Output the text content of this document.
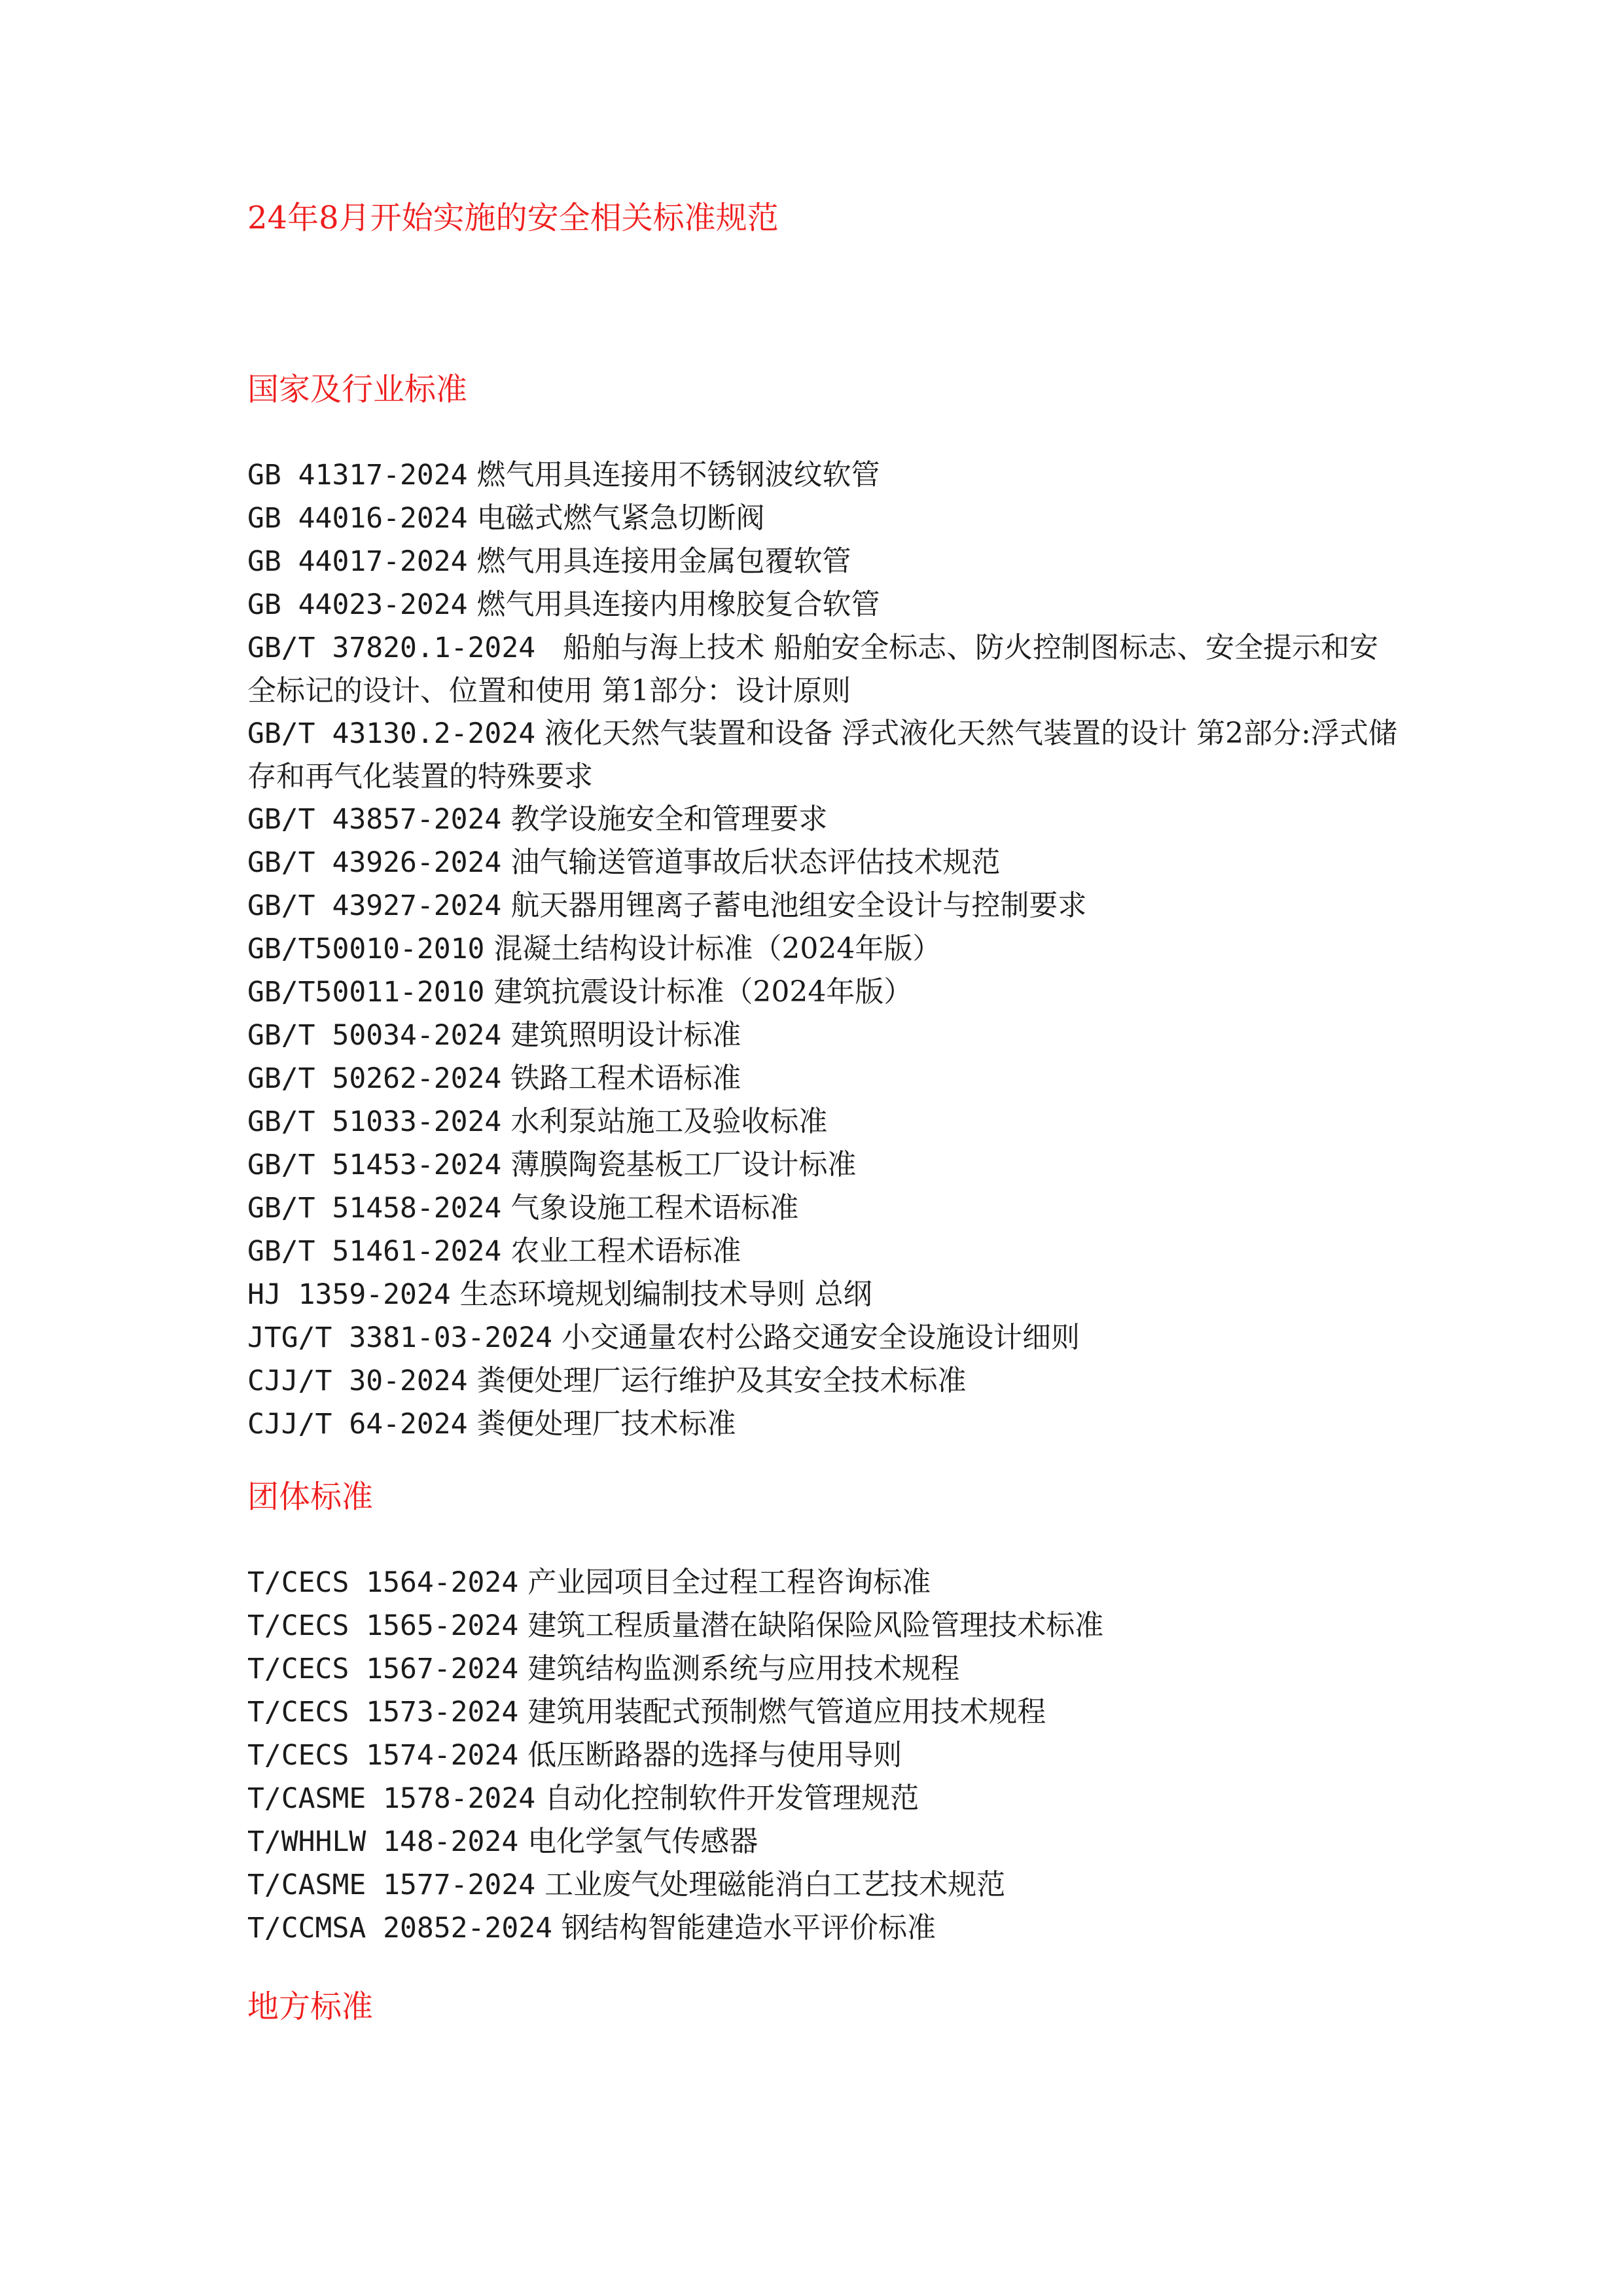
24年8月开始实施的安全相关标准规范
国家及行业标准
GB 41317-2024 燃气用具连接用不锈钢波纹软管
GB 44016-2024 电磁式燃气紧急切断阀
GB 44017-2024 燃气用具连接用金属包覆软管
GB 44023-2024 燃气用具连接内用橡胶复合软管
GB/T 37820.1-2024 船舶与海上技术 船舶安全标志、防火控制图标志、安全提示和安全标记的设计、位置和使用 第1部分：设计原则
GB/T 43130.2-2024 液化天然气装置和设备 浮式液化天然气装置的设计 第2部分:浮式储存和再气化装置的特殊要求
GB/T 43857-2024 教学设施安全和管理要求
GB/T 43926-2024 油气输送管道事故后状态评估技术规范
GB/T 43927-2024 航天器用锂离子蓄电池组安全设计与控制要求
GB/T50010-2010 混凝土结构设计标准（2024年版）
GB/T50011-2010 建筑抗震设计标准（2024年版）
GB/T 50034-2024 建筑照明设计标准
GB/T 50262-2024 铁路工程术语标准
GB/T 51033-2024 水利泵站施工及验收标准
GB/T 51453-2024 薄膜陶瓷基板工厂设计标准
GB/T 51458-2024 气象设施工程术语标准
GB/T 51461-2024 农业工程术语标准
HJ 1359-2024 生态环境规划编制技术导则 总纲
JTG/T 3381-03-2024 小交通量农村公路交通安全设施设计细则
CJJ/T 30-2024 粪便处理厂运行维护及其安全技术标准
CJJ/T 64-2024 粪便处理厂技术标准
团体标准
T/CECS 1564-2024 产业园项目全过程工程咨询标准
T/CECS 1565-2024 建筑工程质量潜在缺陷保险风险管理技术标准
T/CECS 1567-2024 建筑结构监测系统与应用技术规程
T/CECS 1573-2024 建筑用装配式预制燃气管道应用技术规程
T/CECS 1574-2024 低压断路器的选择与使用导则
T/CASME 1578-2024 自动化控制软件开发管理规范
T/WHHLW 148-2024 电化学氢气传感器
T/CASME 1577-2024 工业废气处理磁能消白工艺技术规范
T/CCMSA 20852-2024 钢结构智能建造水平评价标准
地方标准
